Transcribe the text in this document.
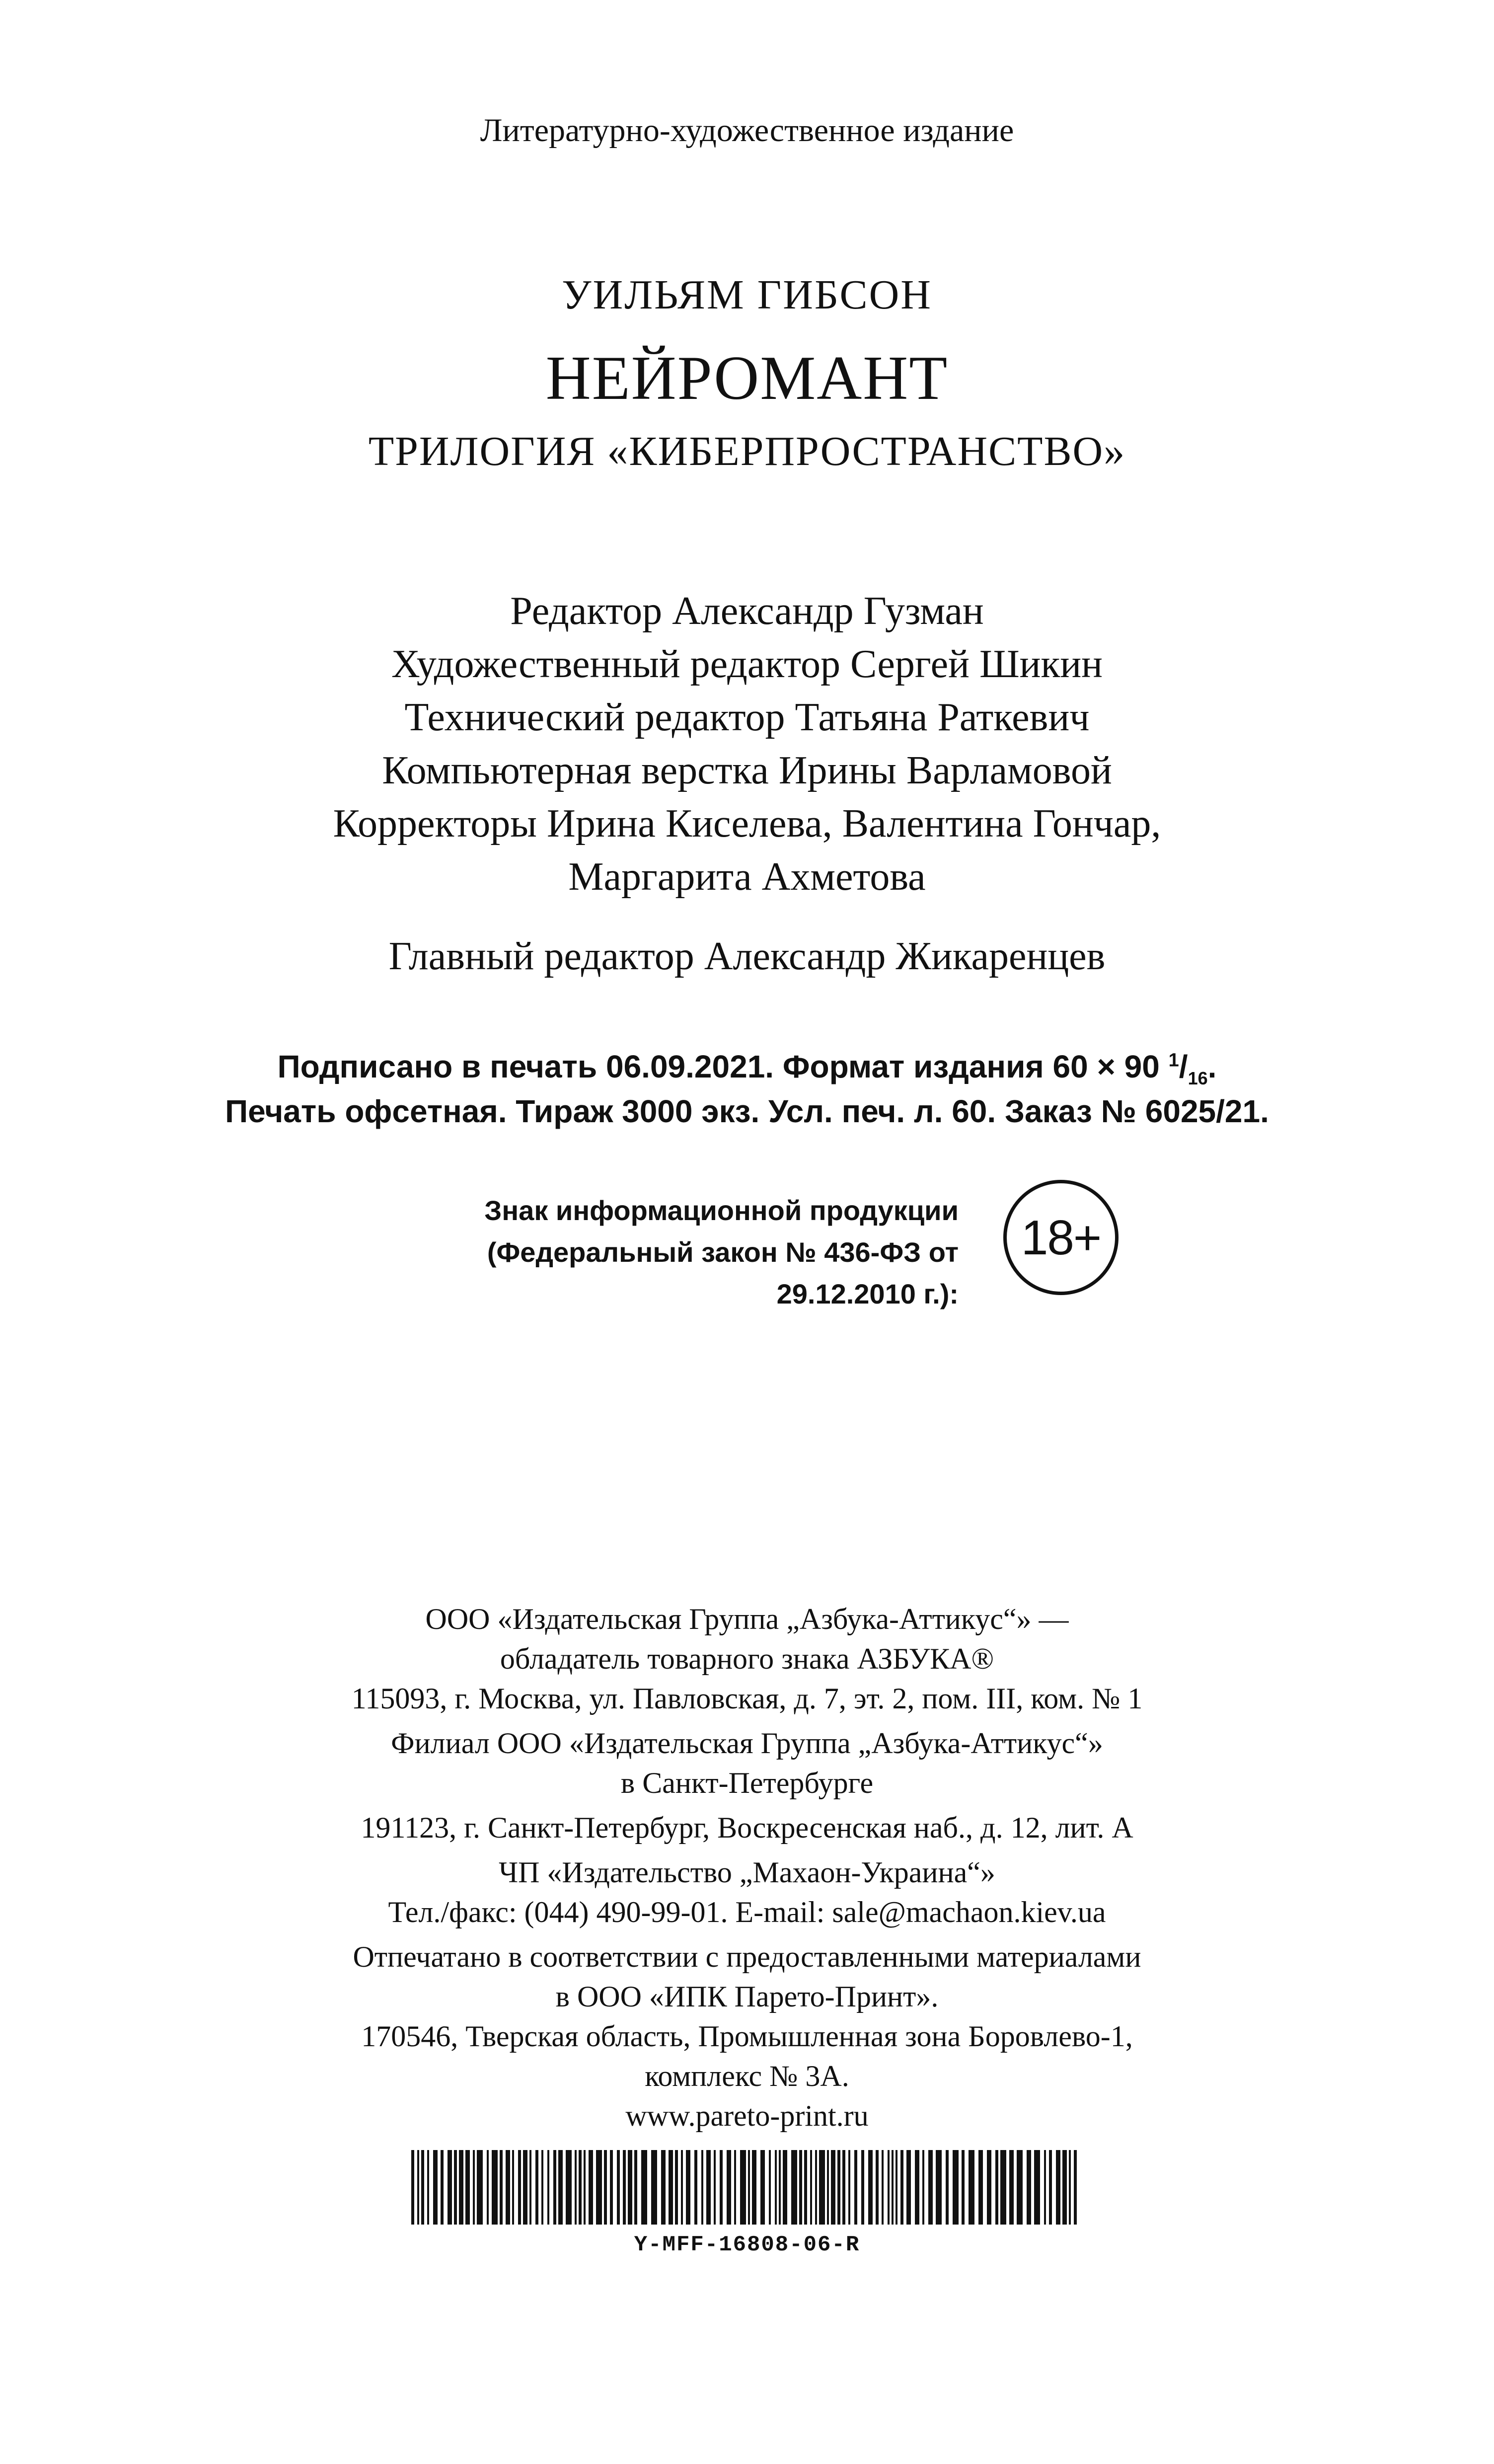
Литературно-художественное издание
УИЛЬЯМ ГИБСОН
НЕЙРОМАНТ
ТРИЛОГИЯ «КИБЕРПРОСТРАНСТВО»
Редактор Александр Гузман
Художественный редактор Сергей Шикин
Технический редактор Татьяна Раткевич
Компьютерная верстка Ирины Варламовой
Корректоры Ирина Киселева, Валентина Гончар,
Маргарита Ахметова
Главный редактор Александр Жикаренцев
Подписано в печать 06.09.2021. Формат издания 60 × 90 $^1/_{16}$.
Печать офсетная. Тираж 3000 экз. Усл. печ. л. 60. Заказ № 6025/21.
Знак информационной продукции
(Федеральный закон № 436-ФЗ от 29.12.2010 г.):
18+
ООО «Издательская Группа „Азбука-Аттикус“» —
обладатель товарного знака АЗБУКА®
115093, г. Москва, ул. Павловская, д. 7, эт. 2, пом. III, ком. № 1
Филиал ООО «Издательская Группа „Азбука-Аттикус“»
в Санкт-Петербурге
191123, г. Санкт-Петербург, Воскресенская наб., д. 12, лит. А
ЧП «Издательство „Махаон-Украина“»
Тел./факс: (044) 490-99-01. E-mail: sale@machaon.kiev.ua
Отпечатано в соответствии с предоставленными материалами
в ООО «ИПК Парето-Принт».
170546, Тверская область, Промышленная зона Боровлево-1,
комплекс № 3А.
www.pareto-print.ru
Y-MFF-16808-06-R
